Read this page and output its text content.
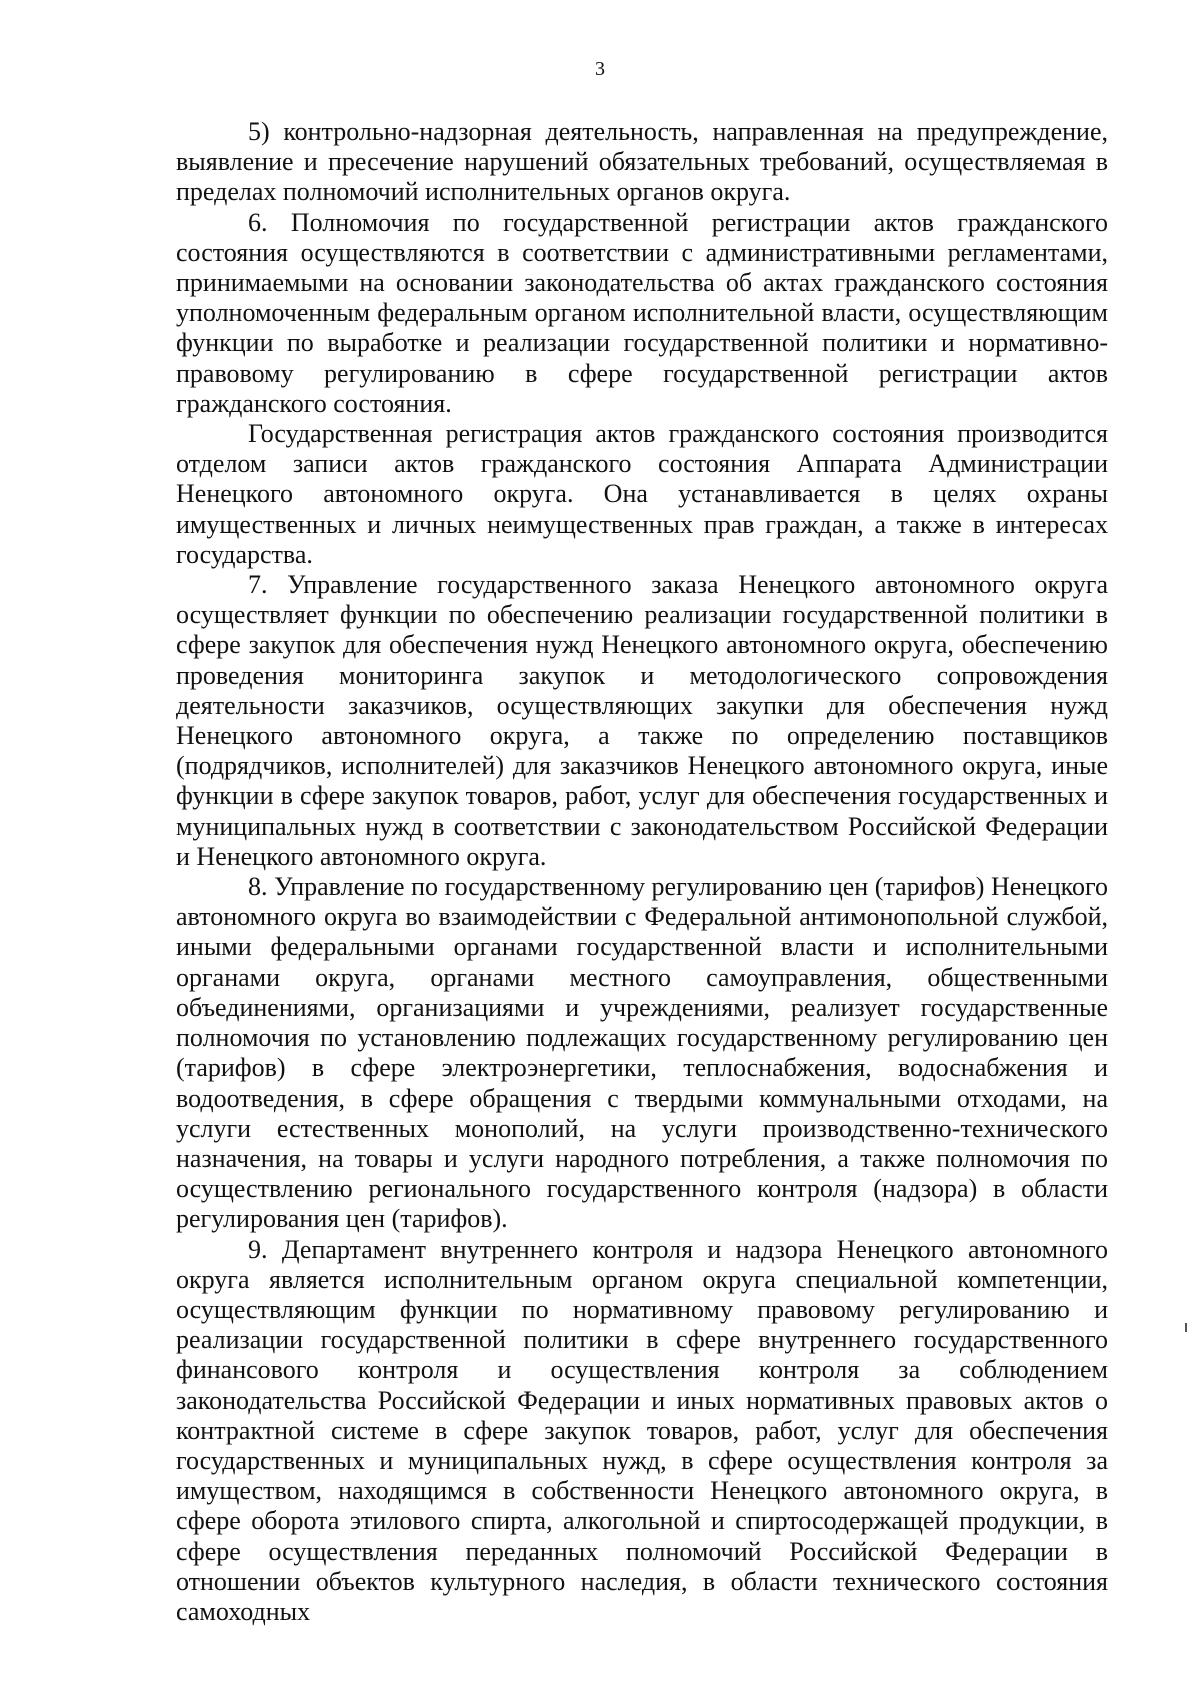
3

5) контрольно-надзорная деятельность, направленная на предупреждение, выявление и пресечение нарушений обязательных требований, осуществляемая в пределах полномочий исполнительных органов округа.

6. Полномочия по государственной регистрации актов гражданского состояния осуществляются в соответствии с административными регламентами, принимаемыми на основании законодательства об актах гражданского состояния уполномоченным федеральным органом исполнительной власти, осуществляющим функции по выработке и реализации государственной политики и нормативно-правовому регулированию в сфере государственной регистрации актов гражданского состояния.

Государственная регистрация актов гражданского состояния производится отделом записи актов гражданского состояния Аппарата Администрации Ненецкого автономного округа. Она устанавливается в целях охраны имущественных и личных неимущественных прав граждан, а также в интересах государства.

7. Управление государственного заказа Ненецкого автономного округа осуществляет функции по обеспечению реализации государственной политики в сфере закупок для обеспечения нужд Ненецкого автономного округа, обеспечению проведения мониторинга закупок и методологического сопровождения деятельности заказчиков, осуществляющих закупки для обеспечения нужд Ненецкого автономного округа, а также по определению поставщиков (подрядчиков, исполнителей) для заказчиков Ненецкого автономного округа, иные функции в сфере закупок товаров, работ, услуг для обеспечения государственных и муниципальных нужд в соответствии с законодательством Российской Федерации и Ненецкого автономного округа.

8. Управление по государственному регулированию цен (тарифов) Ненецкого автономного округа во взаимодействии с Федеральной антимонопольной службой, иными федеральными органами государственной власти и исполнительными органами округа, органами местного самоуправления, общественными объединениями, организациями и учреждениями, реализует государственные полномочия по установлению подлежащих государственному регулированию цен (тарифов) в сфере электроэнергетики, теплоснабжения, водоснабжения и водоотведения, в сфере обращения с твердыми коммунальными отходами, на услуги естественных монополий, на услуги производственно-технического назначения, на товары и услуги народного потребления, а также полномочия по осуществлению регионального государственного контроля (надзора) в области регулирования цен (тарифов).

9. Департамент внутреннего контроля и надзора Ненецкого автономного округа является исполнительным органом округа специальной компетенции, осуществляющим функции по нормативному правовому регулированию и реализации государственной политики в сфере внутреннего государственного финансового контроля и осуществления контроля за соблюдением законодательства Российской Федерации и иных нормативных правовых актов о контрактной системе в сфере закупок товаров, работ, услуг для обеспечения государственных и муниципальных нужд, в сфере осуществления контроля за имуществом, находящимся в собственности Ненецкого автономного округа, в сфере оборота этилового спирта, алкогольной и спиртосодержащей продукции, в сфере осуществления переданных полномочий Российской Федерации в отношении объектов культурного наследия, в области технического состояния самоходных
